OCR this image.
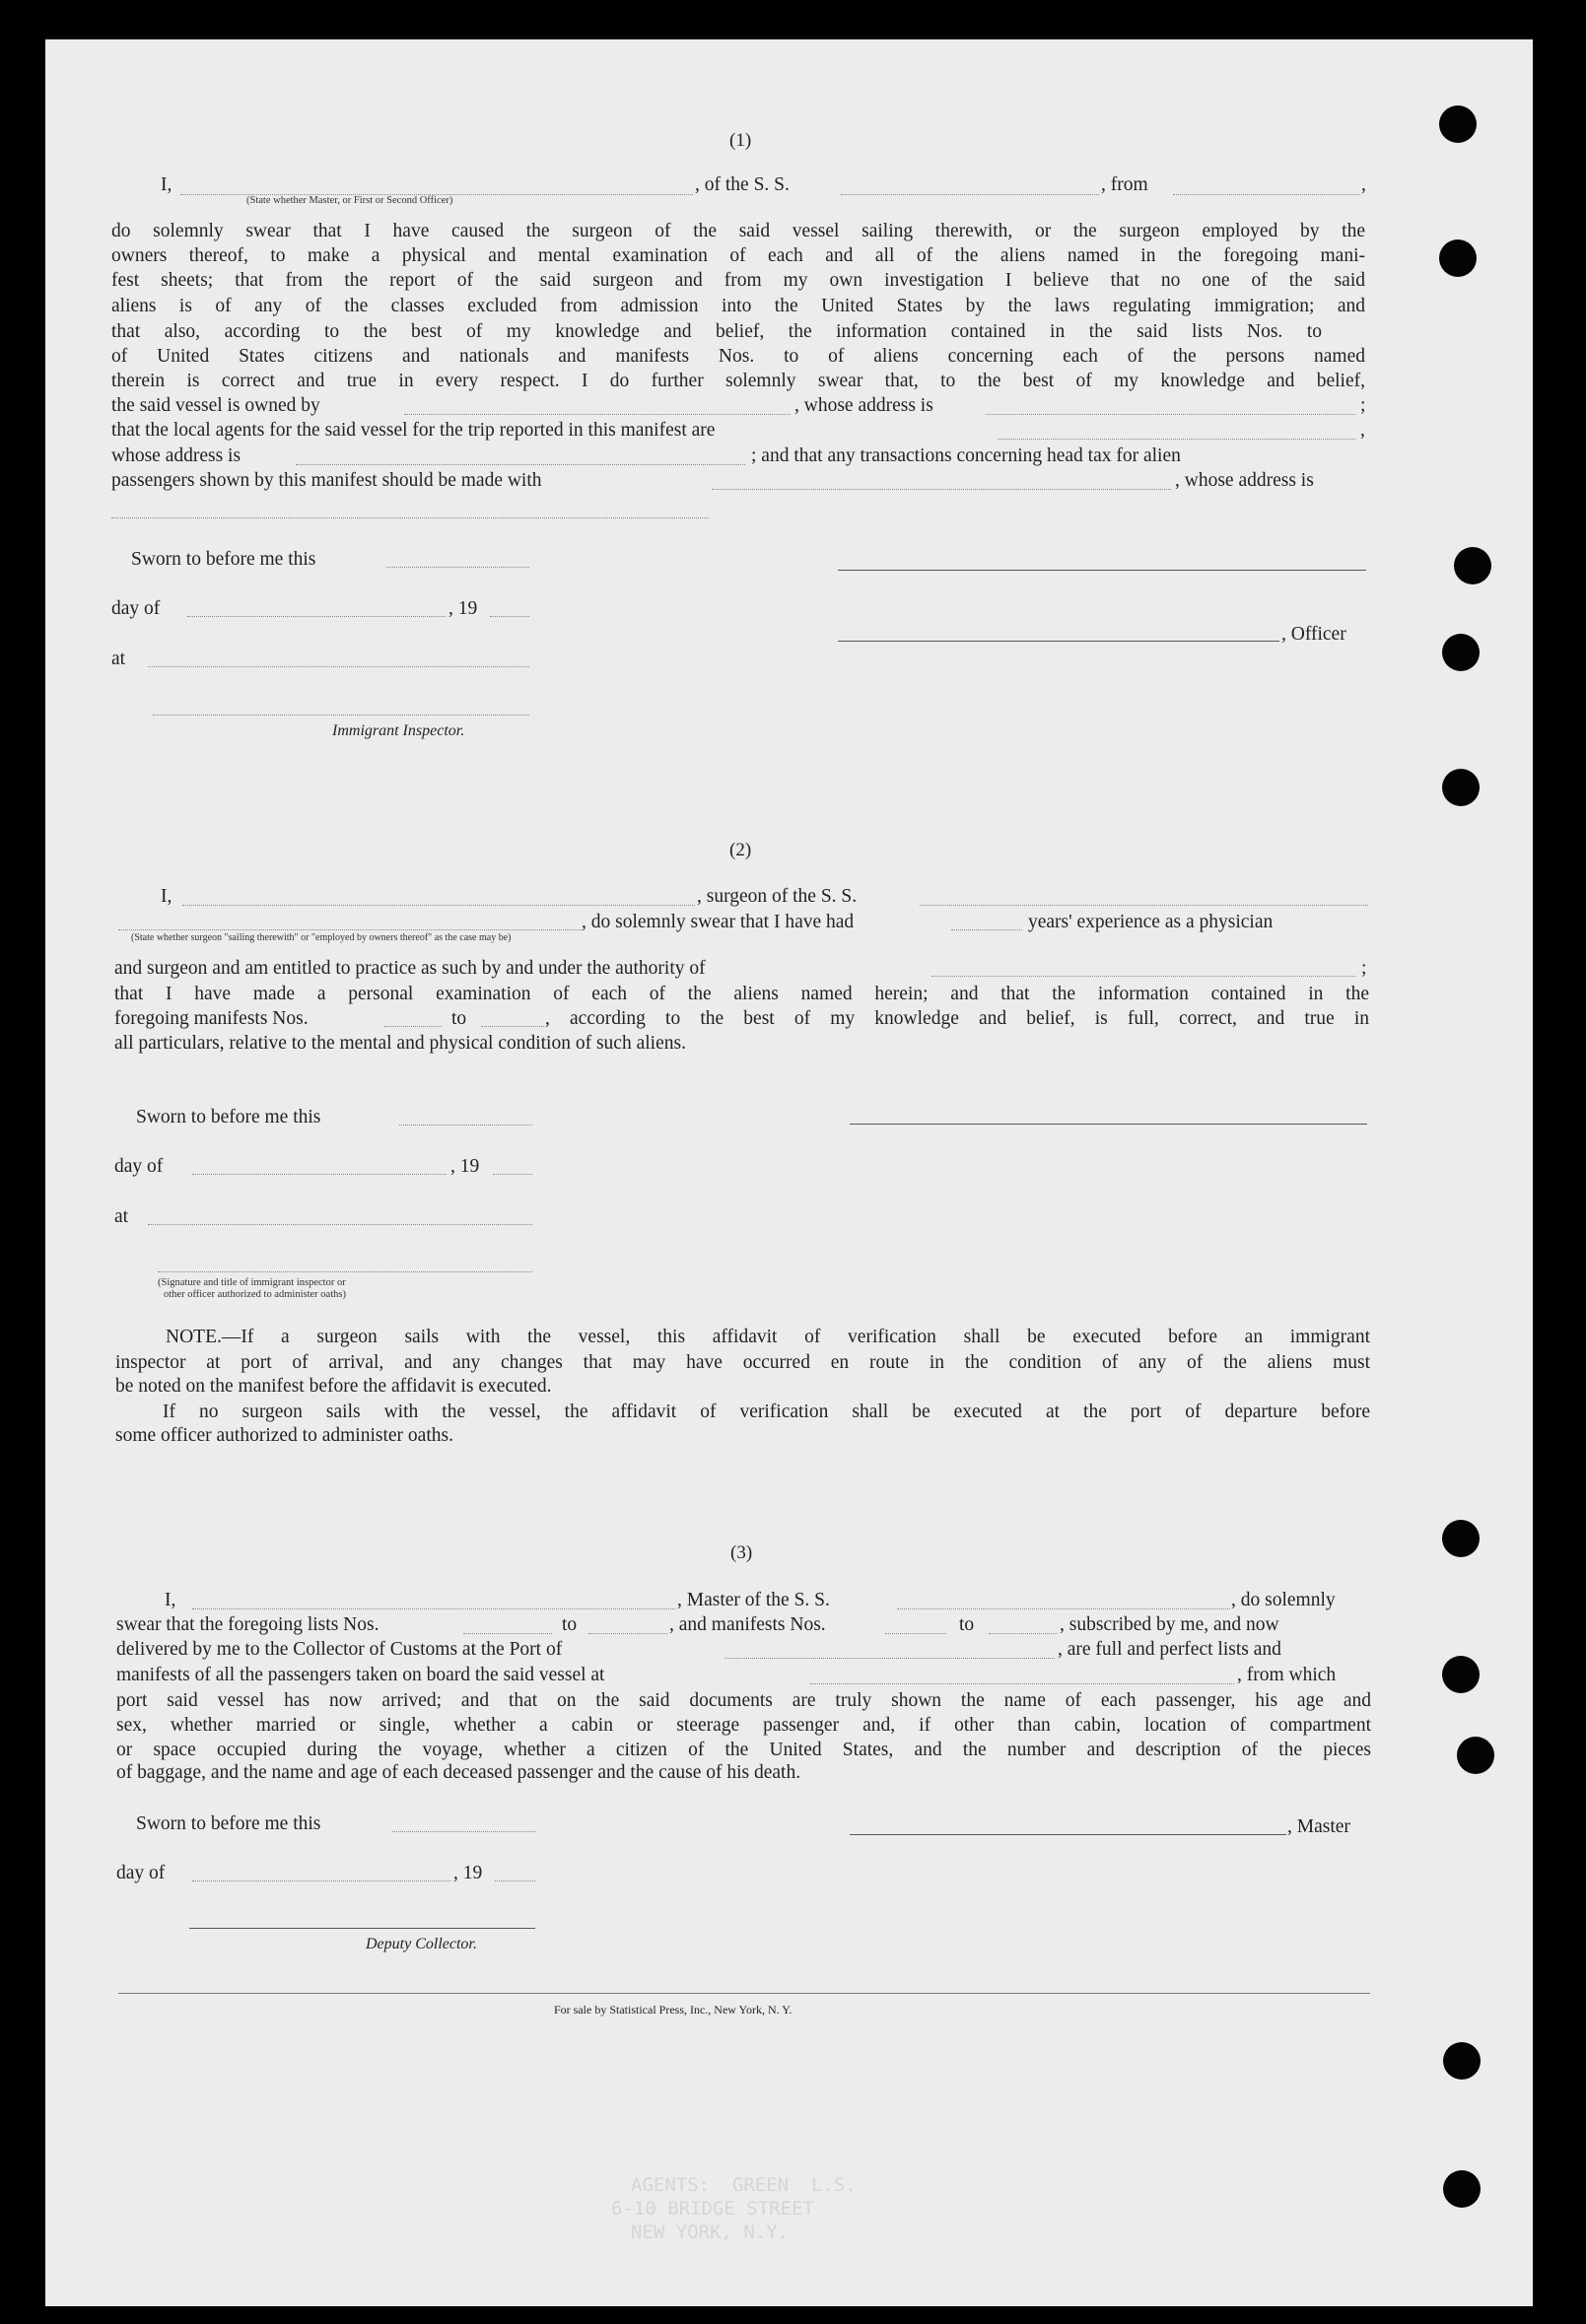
(1)
I,	, of the S. S.	, from	,
(State whether Master, or First or Second Officer)
do solemnly swear that I have caused the surgeon of the said vessel sailing therewith, or the surgeon employed by the
owners thereof, to make a physical and mental examination of each and all of the aliens named in the foregoing mani-
fest sheets; that from the report of the said surgeon and from my own investigation I believe that no one of the said
aliens is of any of the classes excluded from admission into the United States by the laws regulating immigration; and
that also, according to the best of my knowledge and belief, the information contained in the said lists Nos. to
of United States citizens and nationals and manifests Nos. to of aliens concerning each of the persons named
therein is correct and true in every respect. I do further solemnly swear that, to the best of my knowledge and belief,
the said vessel is owned by	, whose address is	;
that the local agents for the said vessel for the trip reported in this manifest are	,
whose address is	; and that any transactions concerning head tax for alien
passengers shown by this manifest should be made with	, whose address is
Sworn to before me this
day of	, 19
, Officer
at
Immigrant Inspector.
(2)
I,	, surgeon of the S. S.
, do solemnly swear that I have had	years' experience as a physician
(State whether surgeon "sailing therewith" or "employed by owners thereof" as the case may be)
and surgeon and am entitled to practice as such by and under the authority of	;
that I have made a personal examination of each of the aliens named herein; and that the information contained in the
foregoing manifests Nos.	to	, according to the best of my knowledge and belief, is full, correct, and true in
all particulars, relative to the mental and physical condition of such aliens.
Sworn to before me this
day of	, 19
at
(Signature and title of immigrant inspector or
other officer authorized to administer oaths)
NOTE.—If a surgeon sails with the vessel, this affidavit of verification shall be executed before an immigrant
inspector at port of arrival, and any changes that may have occurred en route in the condition of any of the aliens must
be noted on the manifest before the affidavit is executed.
If no surgeon sails with the vessel, the affidavit of verification shall be executed at the port of departure before
some officer authorized to administer oaths.
(3)
I,	, Master of the S. S.	, do solemnly
swear that the foregoing lists Nos.	to	, and manifests Nos.	to	, subscribed by me, and now
delivered by me to the Collector of Customs at the Port of	, are full and perfect lists and
manifests of all the passengers taken on board the said vessel at	, from which
port said vessel has now arrived; and that on the said documents are truly shown the name of each passenger, his age and
sex, whether married or single, whether a cabin or steerage passenger and, if other than cabin, location of compartment
or space occupied during the voyage, whether a citizen of the United States, and the number and description of the pieces
of baggage, and the name and age of each deceased passenger and the cause of his death.
Sworn to before me this	, Master
day of	, 19
Deputy Collector.
For sale by Statistical Press, Inc., New York, N. Y.
AGENTS:  GREEN  L.S.
6-10 BRIDGE STREET
NEW YORK, N.Y.
